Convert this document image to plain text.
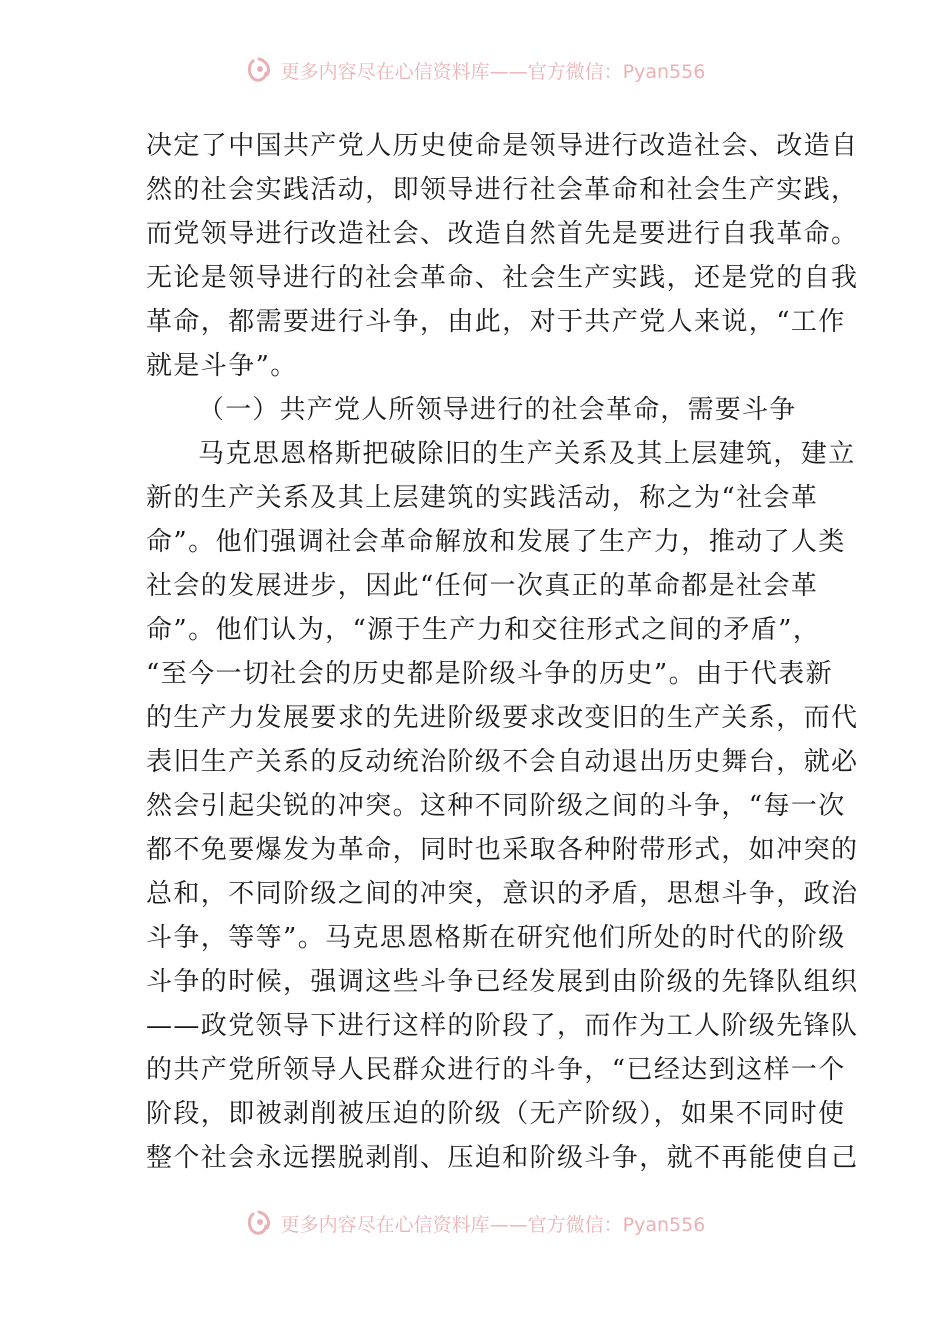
更多内容尽在心信资料库——官方微信：Pyan556
决定了中国共产党人历史使命是领导进行改造社会、改造自
然的社会实践活动，即领导进行社会革命和社会生产实践，
而党领导进行改造社会、改造自然首先是要进行自我革命。
无论是领导进行的社会革命、社会生产实践，还是党的自我
革命，都需要进行斗争，由此，对于共产党人来说，“工作
就是斗争”。
（一）共产党人所领导进行的社会革命，需要斗争
马克思恩格斯把破除旧的生产关系及其上层建筑，建立
新的生产关系及其上层建筑的实践活动，称之为“社会革
命”。他们强调社会革命解放和发展了生产力，推动了人类
社会的发展进步，因此“任何一次真正的革命都是社会革
命”。他们认为，“源于生产力和交往形式之间的矛盾”，
“至今一切社会的历史都是阶级斗争的历史”。由于代表新
的生产力发展要求的先进阶级要求改变旧的生产关系，而代
表旧生产关系的反动统治阶级不会自动退出历史舞台，就必
然会引起尖锐的冲突。这种不同阶级之间的斗争，“每一次
都不免要爆发为革命，同时也采取各种附带形式，如冲突的
总和，不同阶级之间的冲突，意识的矛盾，思想斗争，政治
斗争，等等”。马克思恩格斯在研究他们所处的时代的阶级
斗争的时候，强调这些斗争已经发展到由阶级的先锋队组织
——政党领导下进行这样的阶段了，而作为工人阶级先锋队
的共产党所领导人民群众进行的斗争，“已经达到这样一个
阶段，即被剥削被压迫的阶级（无产阶级），如果不同时使
整个社会永远摆脱剥削、压迫和阶级斗争，就不再能使自己
更多内容尽在心信资料库——官方微信：Pyan556
